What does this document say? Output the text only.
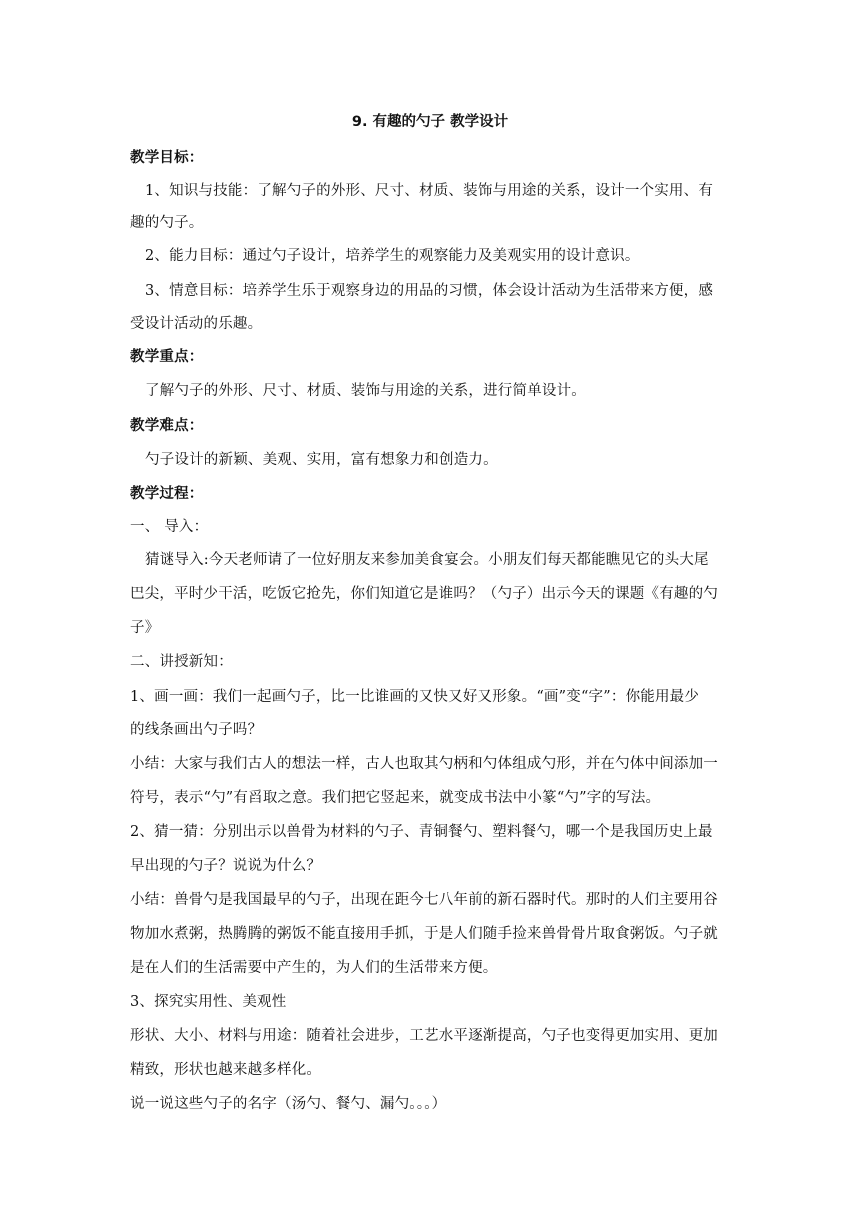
9. 有趣的勺子 教学设计
教学目标：
1、知识与技能：了解勺子的外形、尺寸、材质、装饰与用途的关系，设计一个实用、有
趣的勺子。
2、能力目标：通过勺子设计，培养学生的观察能力及美观实用的设计意识。
3、情意目标：培养学生乐于观察身边的用品的习惯，体会设计活动为生活带来方便，感
受设计活动的乐趣。
教学重点：
了解勺子的外形、尺寸、材质、装饰与用途的关系，进行简单设计。
教学难点：
勺子设计的新颖、美观、实用，富有想象力和创造力。
教学过程：
一、 导入：
猜谜导入:今天老师请了一位好朋友来参加美食宴会。小朋友们每天都能瞧见它的头大尾
巴尖，平时少干活，吃饭它抢先，你们知道它是谁吗？（勺子）出示今天的课题《有趣的勺
子》
二、讲授新知：
1、画一画：我们一起画勺子，比一比谁画的又快又好又形象。“画”变“字”：你能用最少
的线条画出勺子吗？
小结：大家与我们古人的想法一样，古人也取其勺柄和勺体组成勺形，并在勺体中间添加一
符号，表示“勺”有舀取之意。我们把它竖起来，就变成书法中小篆“勺”字的写法。
2、猜一猜：分别出示以兽骨为材料的勺子、青铜餐勺、塑料餐勺，哪一个是我国历史上最
早出现的勺子？说说为什么？
小结：兽骨勺是我国最早的勺子，出现在距今七八年前的新石器时代。那时的人们主要用谷
物加水煮粥，热腾腾的粥饭不能直接用手抓，于是人们随手捡来兽骨骨片取食粥饭。勺子就
是在人们的生活需要中产生的，为人们的生活带来方便。
3、探究实用性、美观性
形状、大小、材料与用途：随着社会进步，工艺水平逐渐提高，勺子也变得更加实用、更加
精致，形状也越来越多样化。
说一说这些勺子的名字（汤勺、餐勺、漏勺。。。）
